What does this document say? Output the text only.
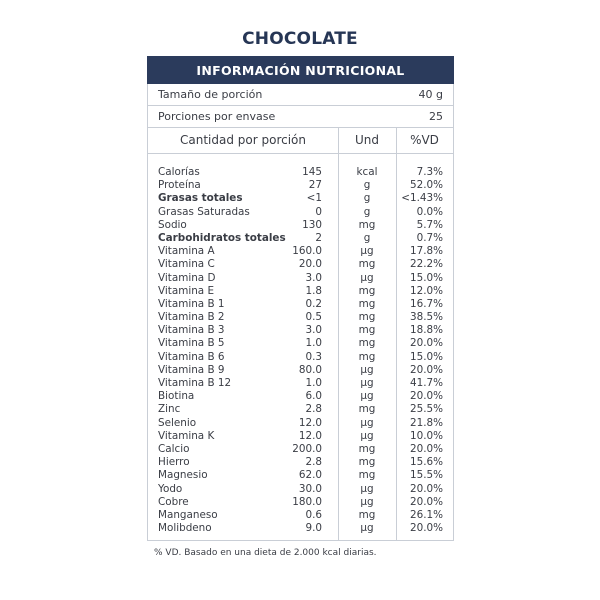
CHOCOLATE
INFORMACIÓN NUTRICIONAL
Tamaño de porción	40 g
Porciones por envase	25
Cantidad por porción	Und	%VD
Calorías	145	kcal	7.3%
Proteína	27	g	52.0%
Grasas totales	<1	g	<1.43%
Grasas Saturadas	0	g	0.0%
Sodio	130	mg	5.7%
Carbohidratos totales	2	g	0.7%
Vitamina A	160.0	µg	17.8%
Vitamina C	20.0	mg	22.2%
Vitamina D	3.0	µg	15.0%
Vitamina E	1.8	mg	12.0%
Vitamina B 1	0.2	mg	16.7%
Vitamina B 2	0.5	mg	38.5%
Vitamina B 3	3.0	mg	18.8%
Vitamina B 5	1.0	mg	20.0%
Vitamina B 6	0.3	mg	15.0%
Vitamina B 9	80.0	µg	20.0%
Vitamina B 12	1.0	µg	41.7%
Biotina	6.0	µg	20.0%
Zinc	2.8	mg	25.5%
Selenio	12.0	µg	21.8%
Vitamina K	12.0	µg	10.0%
Calcio	200.0	mg	20.0%
Hierro	2.8	mg	15.6%
Magnesio	62.0	mg	15.5%
Yodo	30.0	µg	20.0%
Cobre	180.0	µg	20.0%
Manganeso	0.6	mg	26.1%
Molibdeno	9.0	µg	20.0%
% VD. Basado en una dieta de 2.000 kcal diarias.
